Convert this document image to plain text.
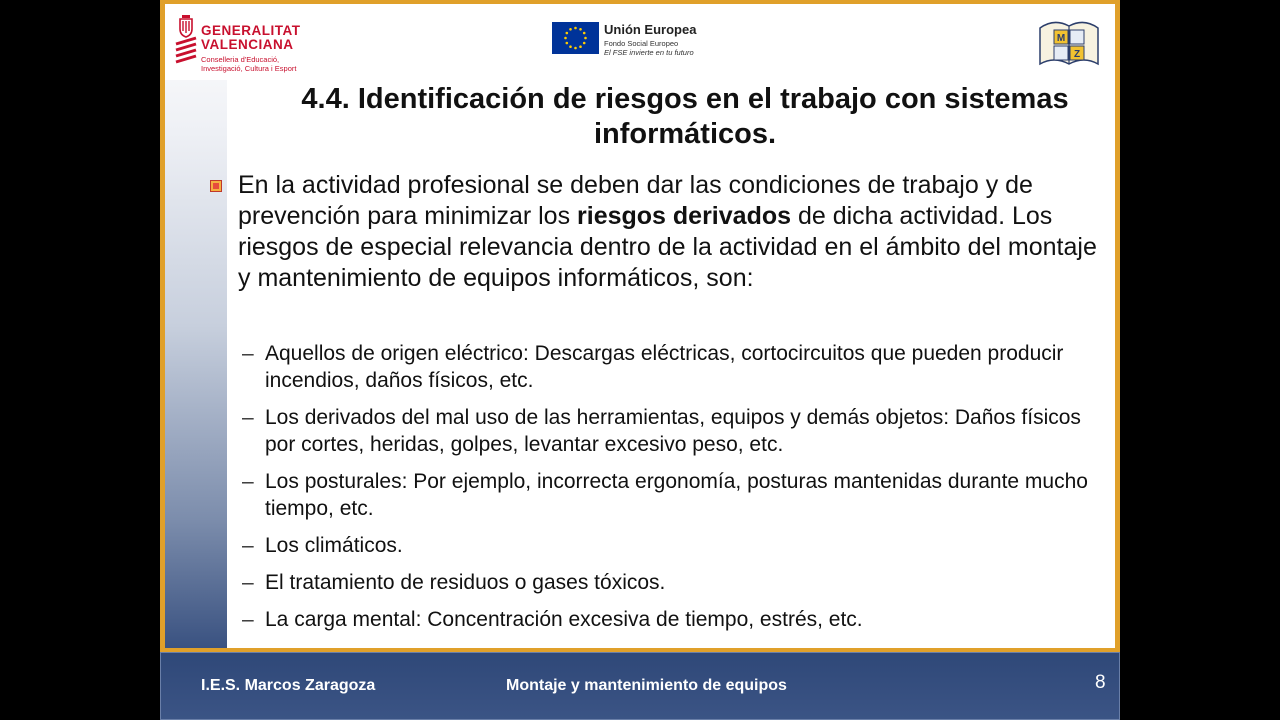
GENERALITAT
VALENCIANA
Conselleria d'Educació,
Investigació, Cultura i Esport
Unión Europea
Fondo Social Europeo
El FSE invierte en tu futuro
M
Z
4.4. Identificación de riesgos en el trabajo con sistemas informáticos.
En la actividad profesional se deben dar las condiciones de trabajo y de prevención para minimizar los riesgos derivados de dicha actividad. Los riesgos de especial relevancia dentro de la actividad en el ámbito del montaje y mantenimiento de equipos informáticos, son:
– Aquellos de origen eléctrico: Descargas eléctricas, cortocircuitos que pueden producir incendios, daños físicos, etc.
– Los derivados del mal uso de las herramientas, equipos y demás objetos: Daños físicos por cortes, heridas, golpes, levantar excesivo peso, etc.
– Los posturales: Por ejemplo, incorrecta ergonomía, posturas mantenidas durante mucho tiempo, etc.
– Los climáticos.
– El tratamiento de residuos o gases tóxicos.
– La carga mental: Concentración excesiva de tiempo, estrés, etc.
I.E.S. Marcos Zaragoza	Montaje y mantenimiento de equipos	8
